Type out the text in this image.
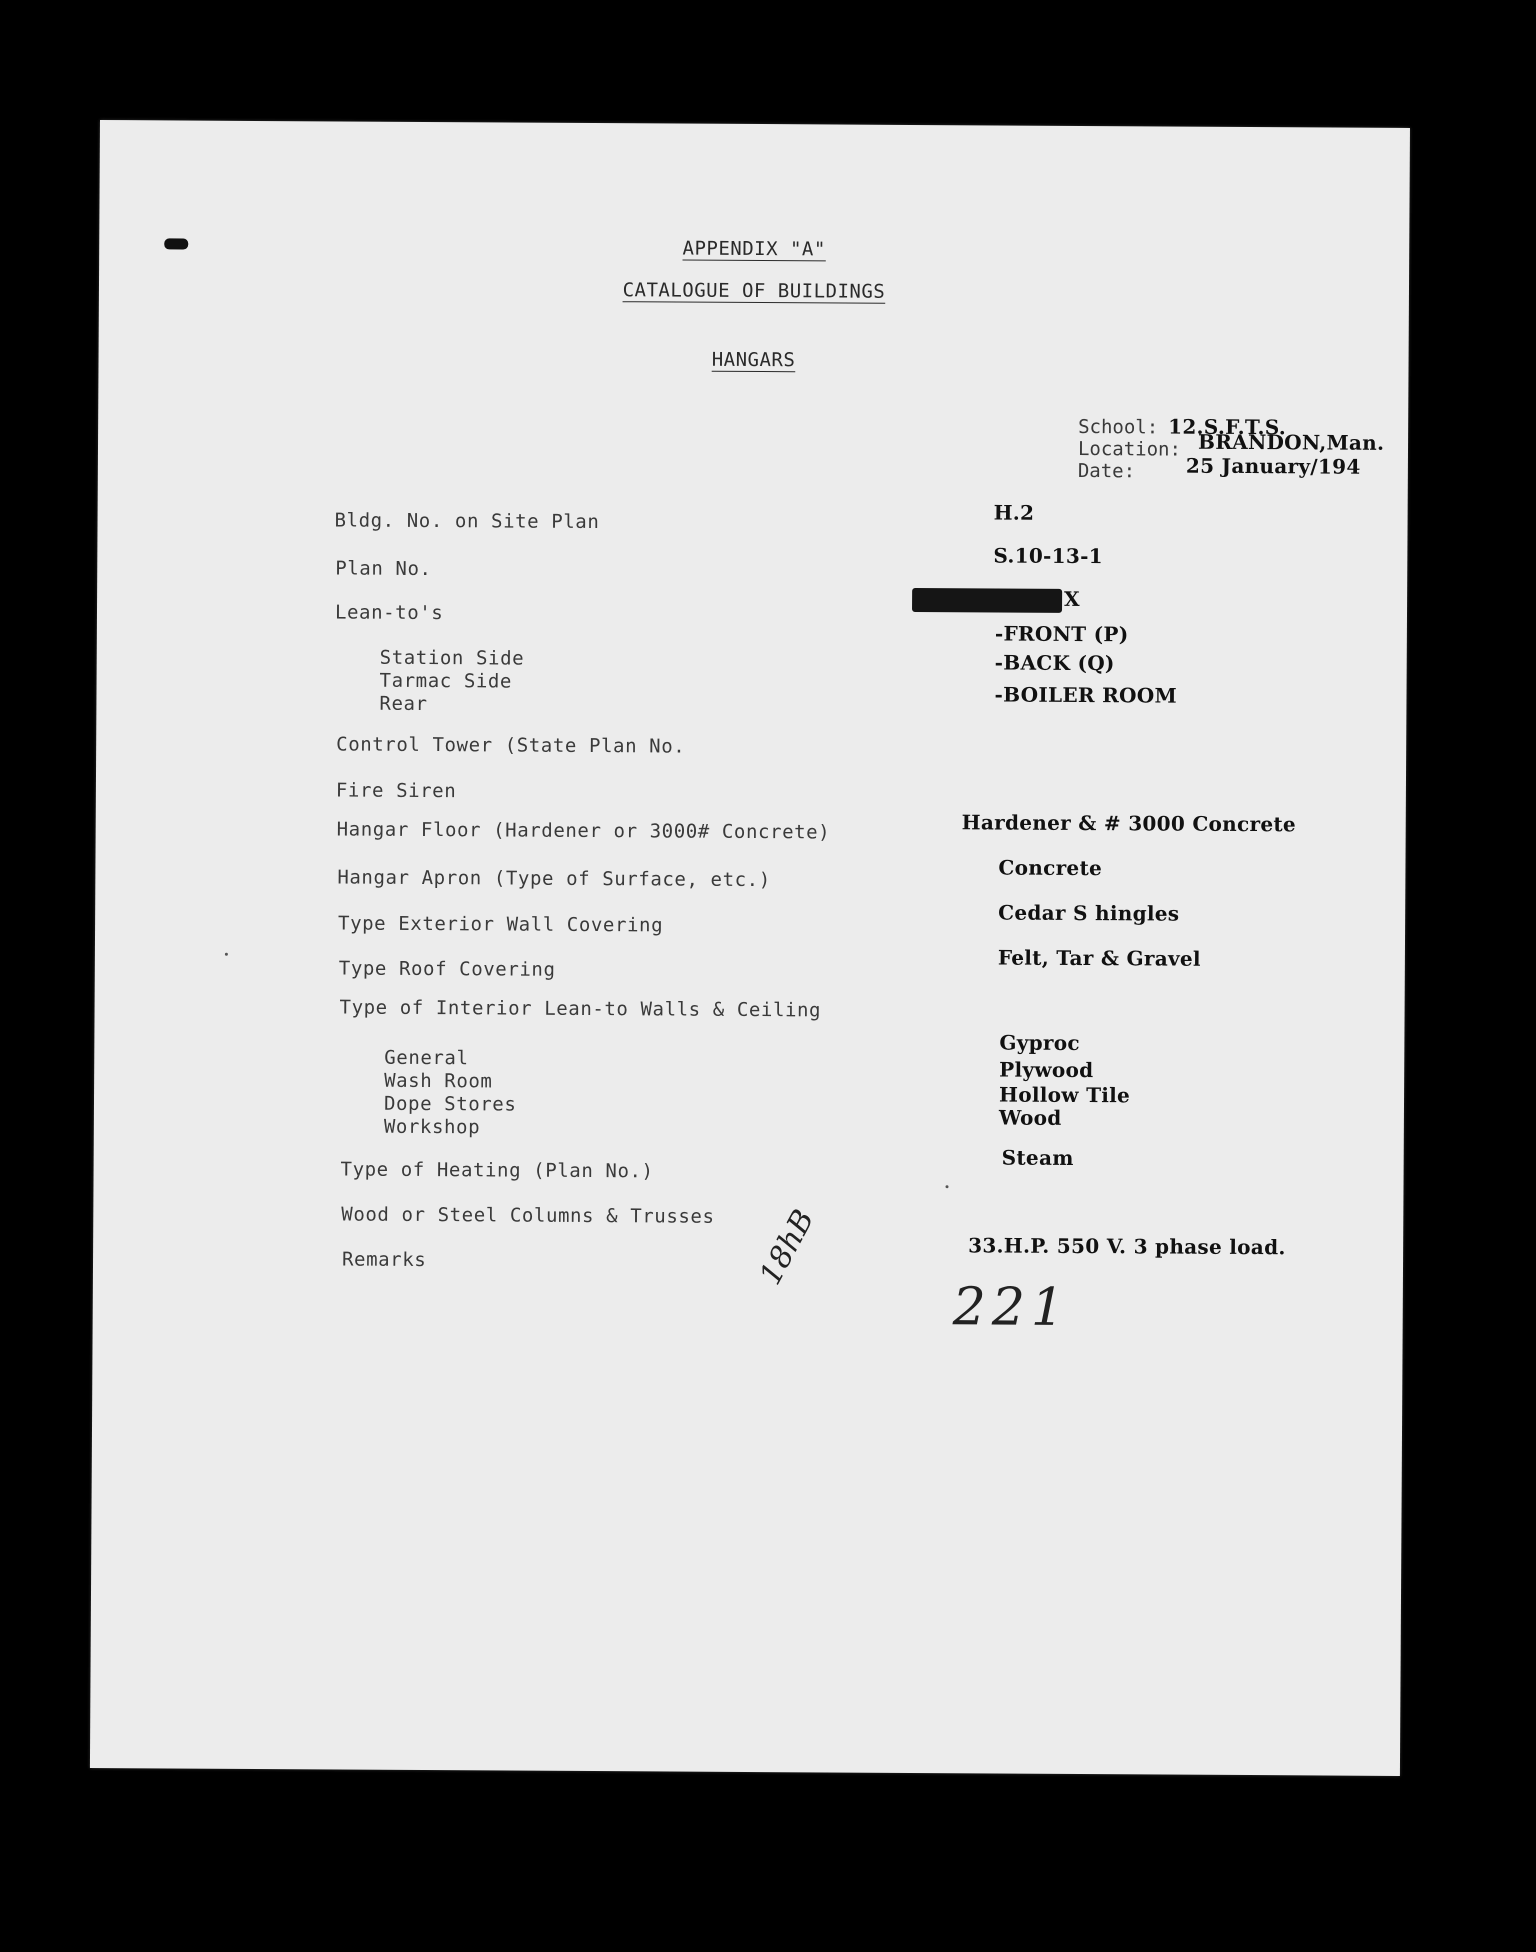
APPENDIX "A"
CATALOGUE OF BUILDINGS
HANGARS
School: 12.S.F.T.S.
Location: BRANDON,Man.
Date:	25 January/194
Bldg. No. on Site Plan
Plan No.
Lean-to's
Station Side
Tarmac Side
Rear
Control Tower (State Plan No.
Fire Siren
Hangar Floor (Hardener or 3000# Concrete)
Hangar Apron (Type of Surface, etc.)
Type Exterior Wall Covering
Type Roof Covering
Type of Interior Lean-to Walls & Ceiling
General
Wash Room
Dope Stores
Workshop
Type of Heating (Plan No.)
Wood or Steel Columns & Trusses
Remarks
H.2
S.10-13-1
X
-FRONT (P)
-BACK (Q)
-BOILER ROOM
Hardener & # 3000 Concrete
Concrete
Cedar S hingles
Felt, Tar & Gravel
Gyproc
Plywood
Hollow Tile
Wood
Steam
33.H.P. 550 V. 3 phase load.
18hB
221
